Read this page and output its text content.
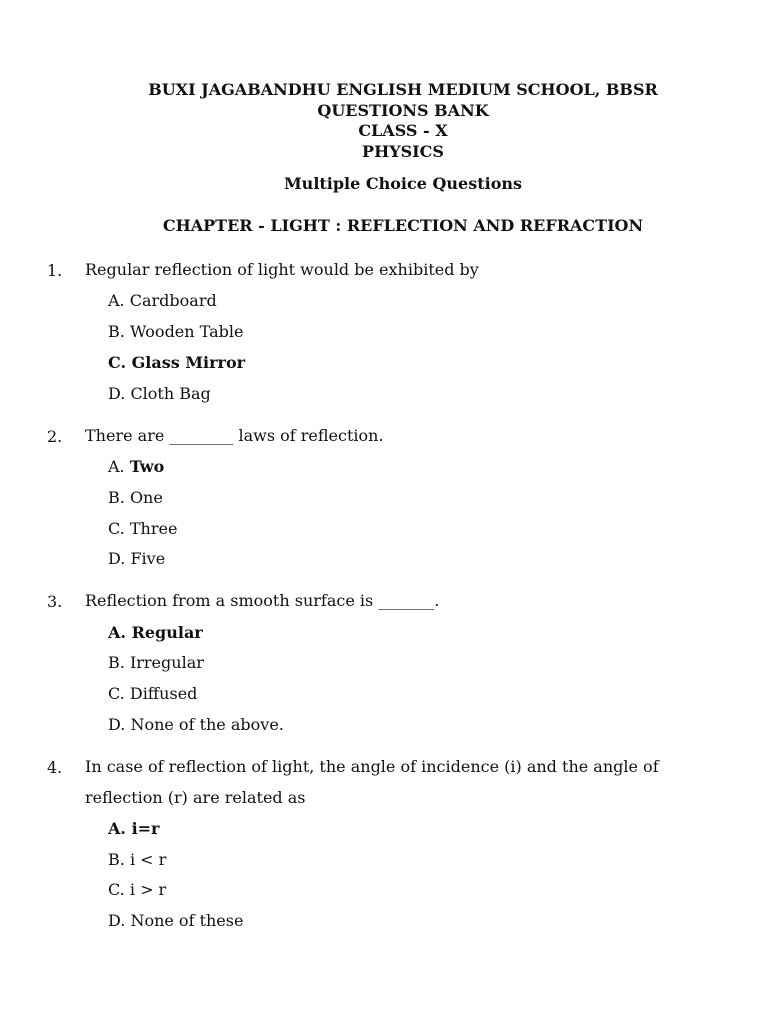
BUXI JAGABANDHU ENGLISH MEDIUM SCHOOL, BBSR
QUESTIONS BANK
CLASS - X
PHYSICS
Multiple Choice Questions
CHAPTER - LIGHT : REFLECTION AND REFRACTION
1. Regular reflection of light would be exhibited by
A. Cardboard
B. Wooden Table
C. Glass Mirror
D. Cloth Bag
2. There are ________ laws of reflection.
A. Two
B. One
C. Three
D. Five
3. Reflection from a smooth surface is _______.
A. Regular
B. Irregular
C. Diffused
D. None of the above.
4. In case of reflection of light, the angle of incidence (i) and the angle of reflection (r) are related as
A. i=r
B. i < r
C. i > r
D. None of these
